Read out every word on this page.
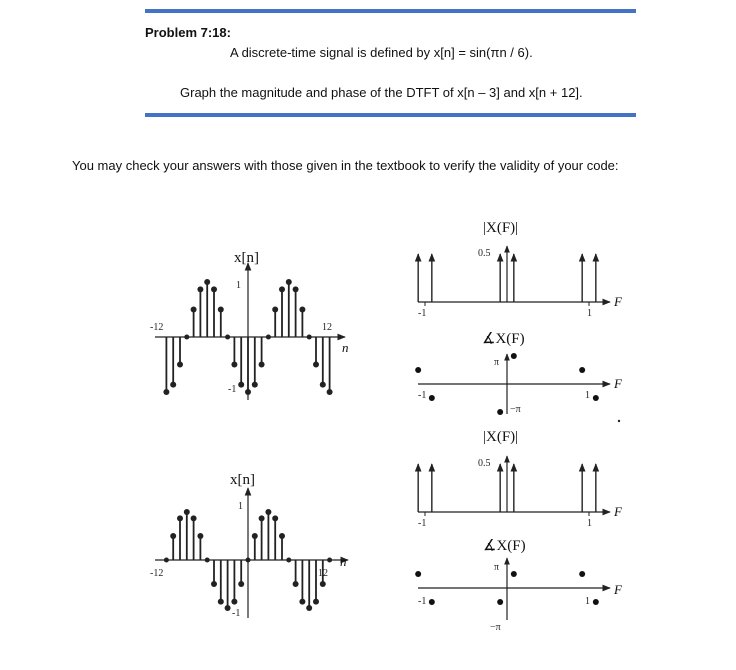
Problem 7:18:
A discrete-time signal is defined by x[n] = sin(πn / 6).
Graph the magnitude and phase of the DTFT of x[n – 3] and x[n + 12].
You may check your answers with those given in the textbook to verify the validity of your code:
x[n]
n
1
-1
-12	12
x[n]
n
1
-1
-12	12
|X(F)|
0.5
F
-1	1
∡X(F)
π
−π
F
-1	1
|X(F)|
0.5
F
-1	1
∡X(F)
π
−π
F
-1	1
